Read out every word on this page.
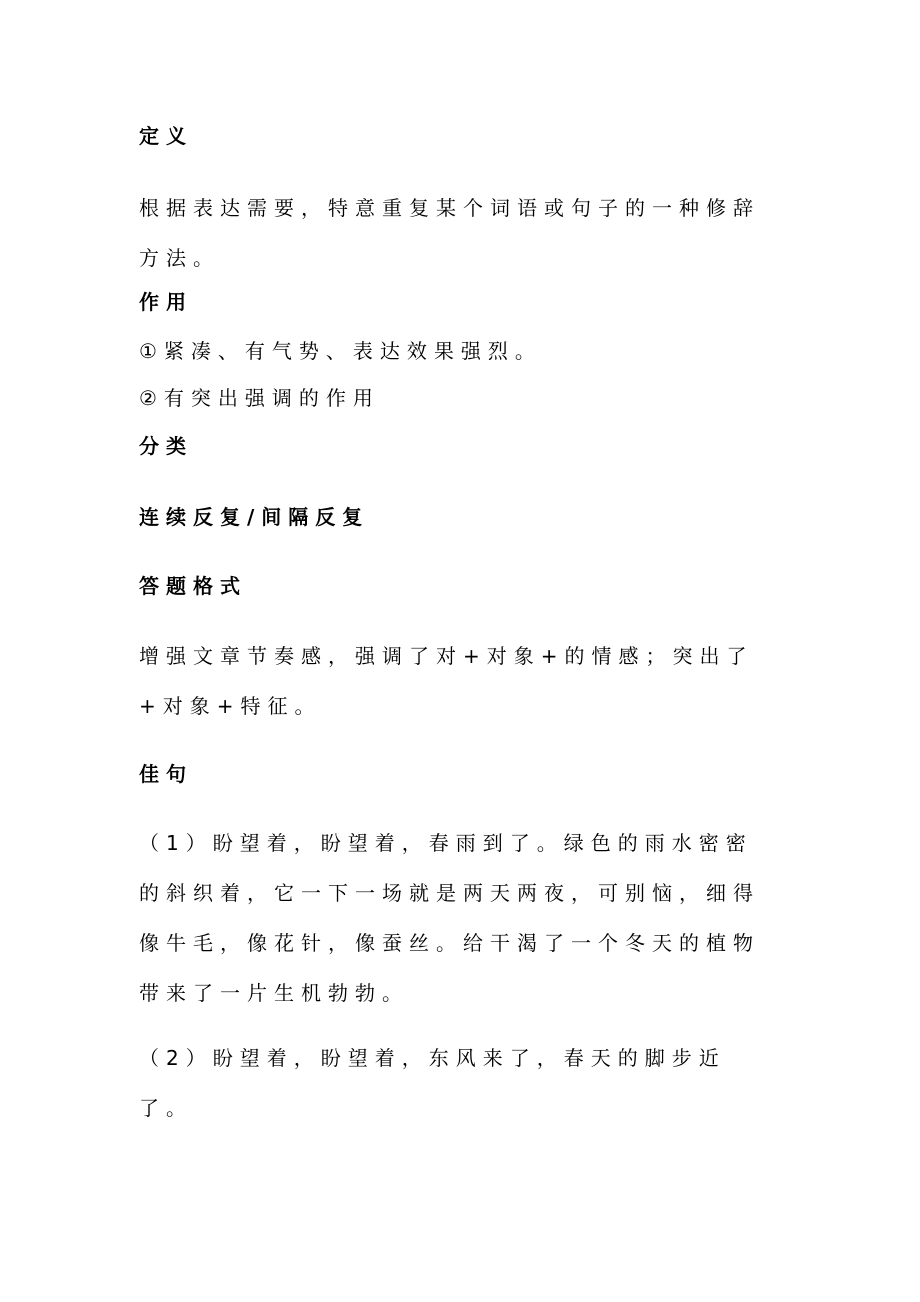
定义
根据表达需要，特意重复某个词语或句子的一种修辞方法。
作用
①紧凑、有气势、表达效果强烈。
②有突出强调的作用
分类
连续反复/间隔反复
答题格式
增强文章节奏感，强调了对+对象+的情感；突出了+对象+特征。
佳句
（1）盼望着，盼望着，春雨到了。绿色的雨水密密的斜织着，它一下一场就是两天两夜，可别恼，细得像牛毛，像花针，像蚕丝。给干渴了一个冬天的植物带来了一片生机勃勃。
（2）盼望着，盼望着，东风来了，春天的脚步近了。
